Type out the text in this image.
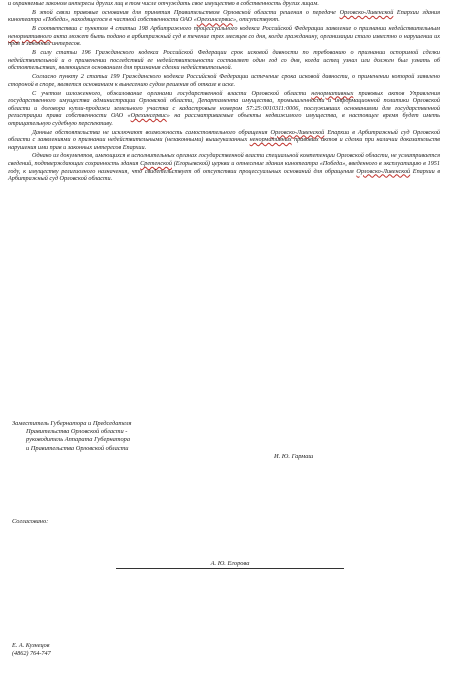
и охраняемые законом интересы других лиц в том числе отчуждать свое имущество в собственность других лицам.

В этой связи правовые основания для принятия Правительством Орловской области решения о передаче Орловско-Ливенской Епархии здания кинотеатра «Победа», находящегося в частной собственности ОАО «Орехинсервис», отсутствуют.

В соответствии с пунктом 4 статьи 198 Арбитражного процессуального кодекса Российской Федерации заявление о признании недействительным ненормативного акта может быть подано в арбитражный суд в течение трех месяцев со дня, когда гражданину, организации стало известно о нарушении их прав и законных интересов.

В силу статьи 196 Гражданского кодекса Российской Федерации срок исковой давности по требованию о признании оспоримой сделки недействительной и о применении последствий ее недействительности составляет один год со дня, когда истец узнал или должен был узнать об обстоятельствах, являющихся основанием для признания сделки недействительной.

Согласно пункту 2 статьи 199 Гражданского кодекса Российской Федерации истечение срока исковой давности, о применении которой заявлено стороной в споре, является основанием к вынесению судом решения об отказе в иске.

С учетом изложенного, обжалование органами государственной власти Орловской области ненормативных правовых актов Управления государственного имущества администрации Орловской области, Департамента имущества, промышленности и информационной политики Орловской области и договора купли-продажи земельного участка с кадастровым номером 57:25:0010311:0006, послуживших основаниями для государственной регистрации права собственности ОАО «Орехинсервис» на рассматриваемые объекты недвижимого имущества, в настоящее время будет иметь отрицательную судебную перспективу.

Данные обстоятельства не исключают возможность самостоятельного обращения Орловско-Ливенской Епархии в Арбитражный суд Орловской области с заявлениями о признании недействительными (незаконными) вышеуказанных ненормативных правовых актов и сделки при наличии доказательств нарушения ими прав и законных интересов Епархии.

Однако из документов, имеющихся в исполнительных органах государственной власти специальной компетенции Орловской области, не усматривается сведений, подтверждающих сохранность здания Сретенской (Егорьевской) церкви и отнесение здания кинотеатра «Победа», введенного в эксплуатацию в 1951 году, к имуществу религиозного назначения, что свидетельствует об отсутствии процессуальных оснований для обращения Орловско-Ливенской Епархии в Арбитражный суд Орловской области.

Заместитель Губернатора и Председателя
Правительства Орловской области -
руководитель Аппарата Губернатора
и Правительства Орловской области
И. Ю. Гармаш
Согласовано:
А. Ю. Егорова
Е. А. Кузнецов
(4862) 764-747
